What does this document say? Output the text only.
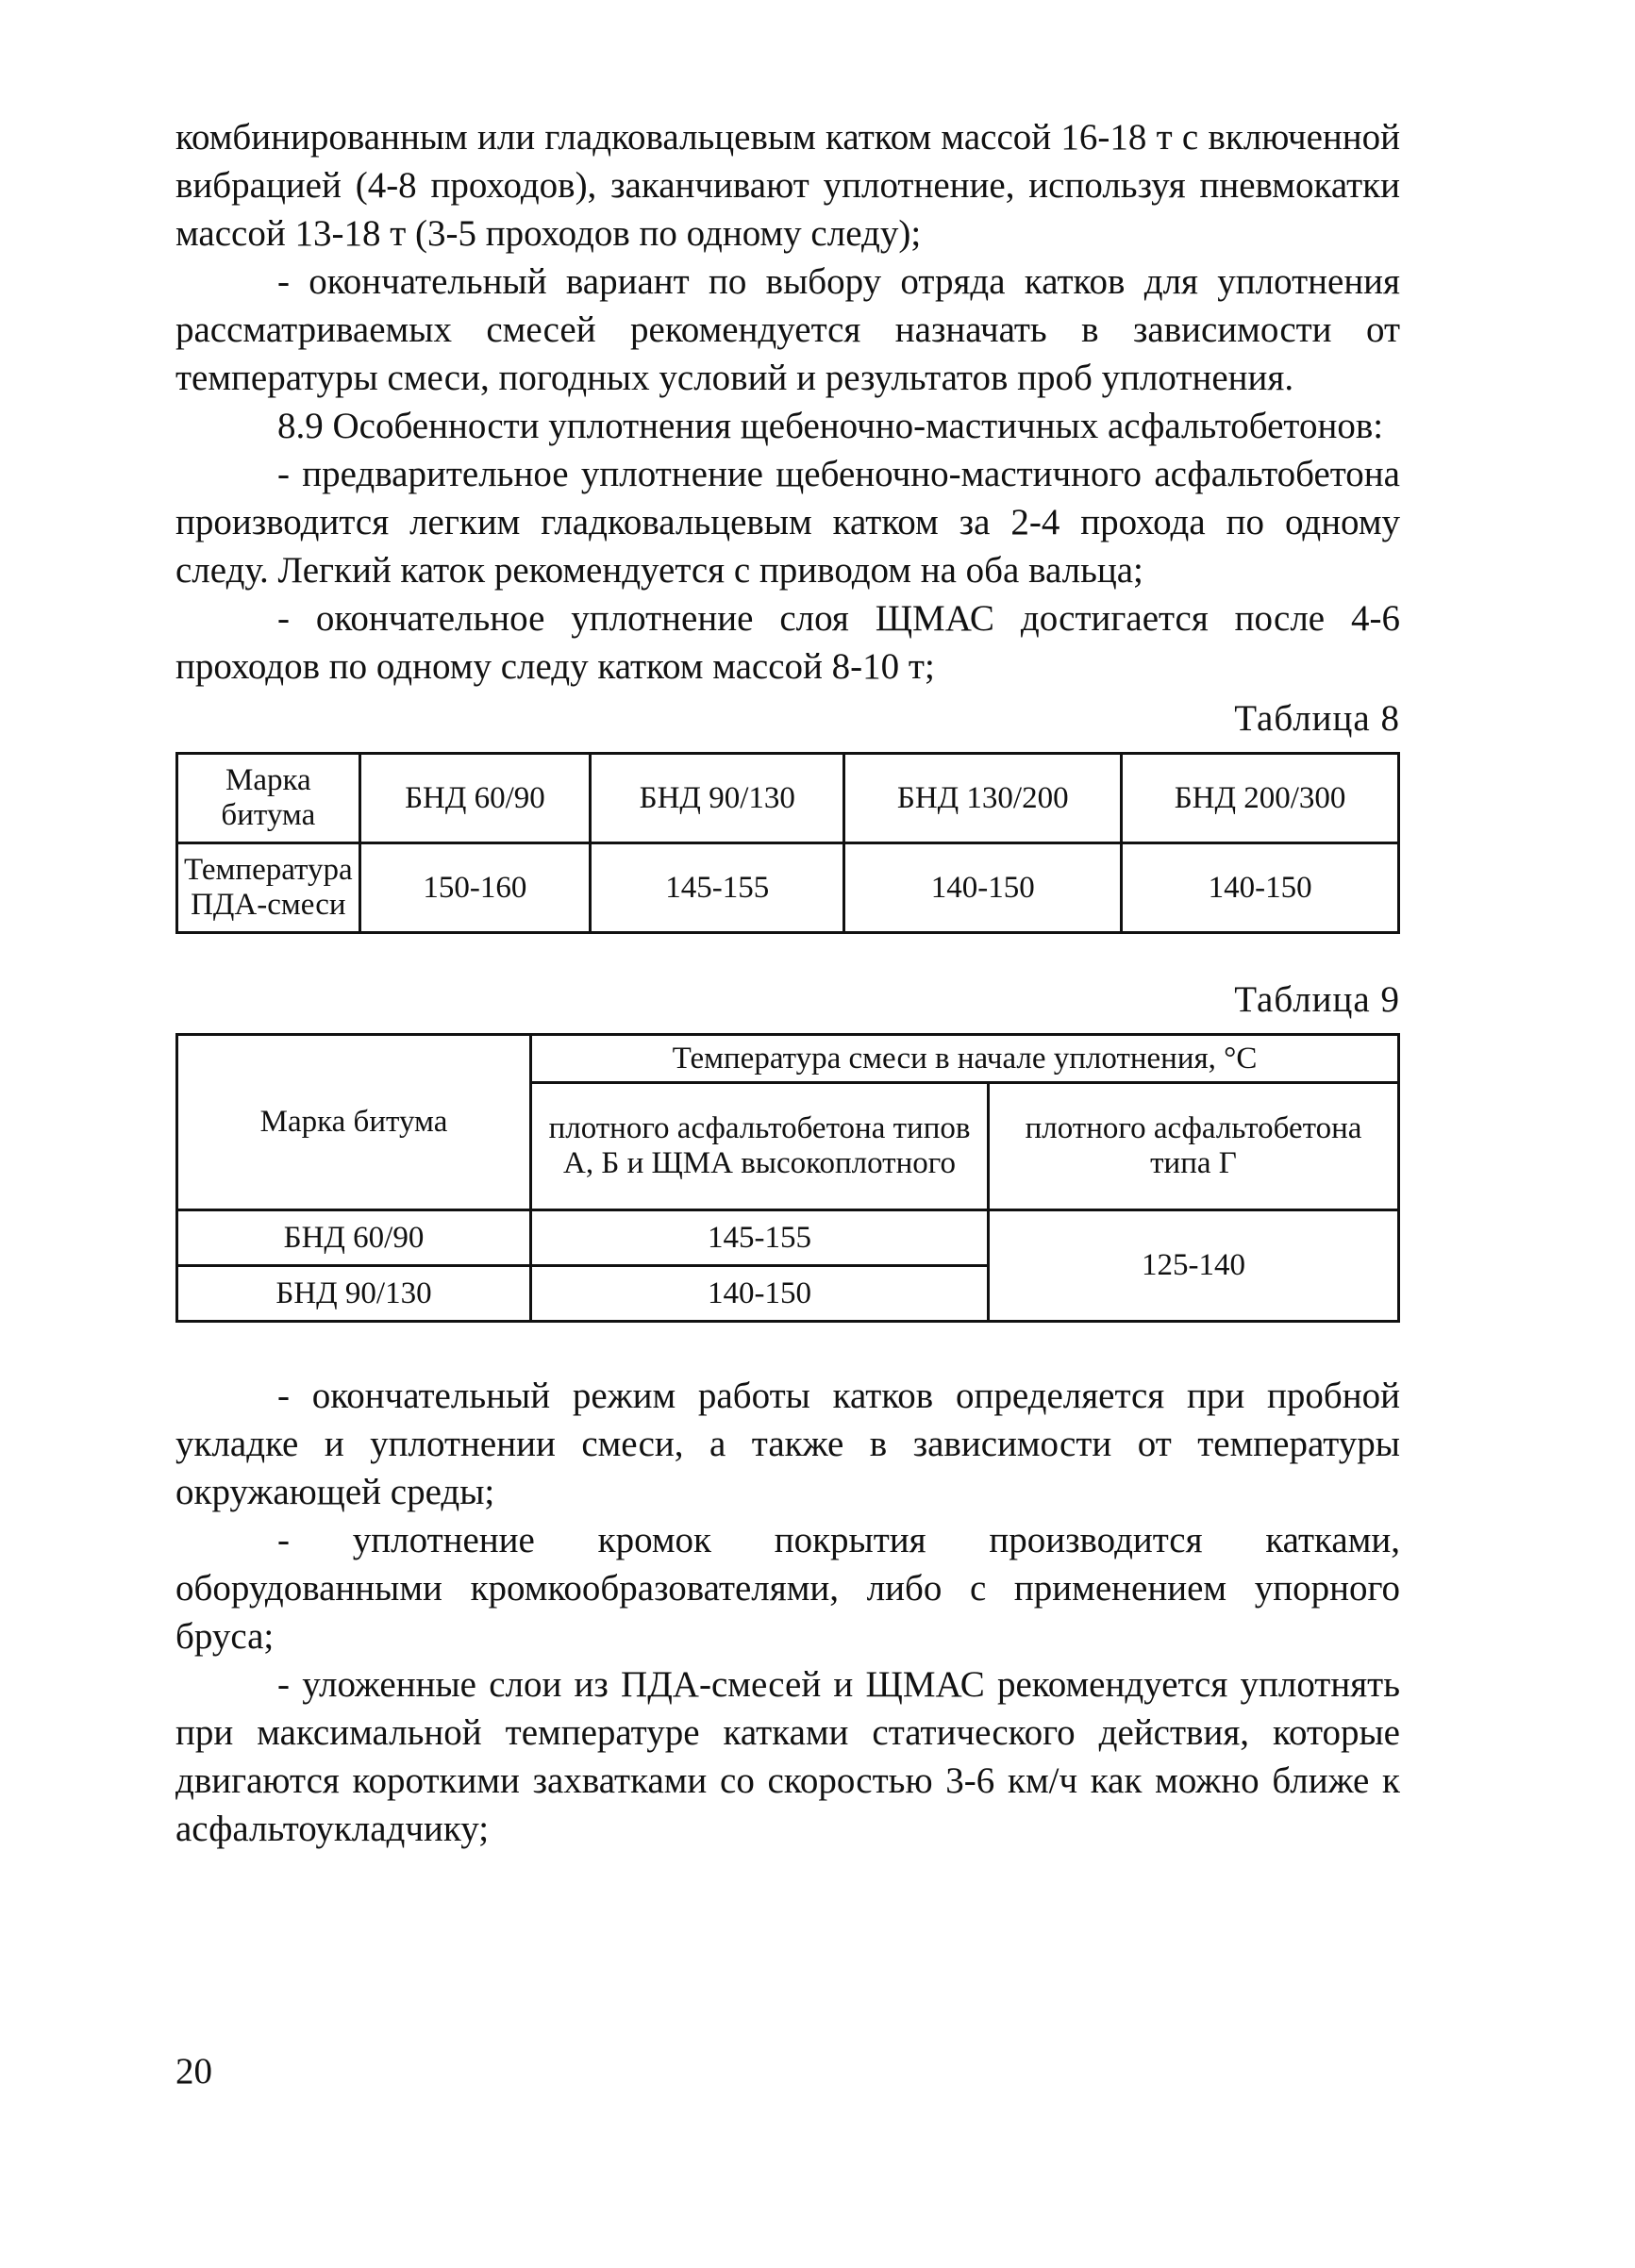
комбинированным или гладковальцевым катком массой 16-18 т с включенной вибрацией (4-8 проходов), заканчивают уплотнение, используя пневмокатки массой 13-18 т (3-5 проходов по одному следу);

- окончательный вариант по выбору отряда катков для уплотнения рассматриваемых смесей рекомендуется назначать в зависимости от температуры смеси, погодных условий и результатов проб уплотнения.

8.9 Особенности уплотнения щебеночно-мастичных асфальтобетонов:

- предварительное уплотнение щебеночно-мастичного асфальтобетона производится легким гладковальцевым катком за 2-4 прохода по одному следу. Легкий каток рекомендуется с приводом на оба вальца;

- окончательное уплотнение слоя ЩМАС достигается после 4-6 проходов по одному следу катком массой 8-10 т;

Таблица 8
Марка битума	БНД 60/90	БНД 90/130	БНД 130/200	БНД 200/300
Температура ПДА-смеси	150-160	145-155	140-150	140-150
Таблица 9
Марка битума	Температура смеси в начале уплотнения, °С	
	плотного асфальтобетона типов А, Б и ЩМА высокоплотного	плотного асфальтобетона типа Г
БНД 60/90	145-155	125-140
БНД 90/130	140-150	

- окончательный режим работы катков определяется при пробной укладке и уплотнении смеси, а также в зависимости от температуры окружающей среды;

- уплотнение кромок покрытия производится катками, оборудованными кромкообразователями, либо с применением упорного бруса;

- уложенные слои из ПДА-смесей и ЩМАС рекомендуется уплотнять при максимальной температуре катками статического действия, которые двигаются короткими захватками со скоростью 3-6 км/ч как можно ближе к асфальтоукладчику;

20
